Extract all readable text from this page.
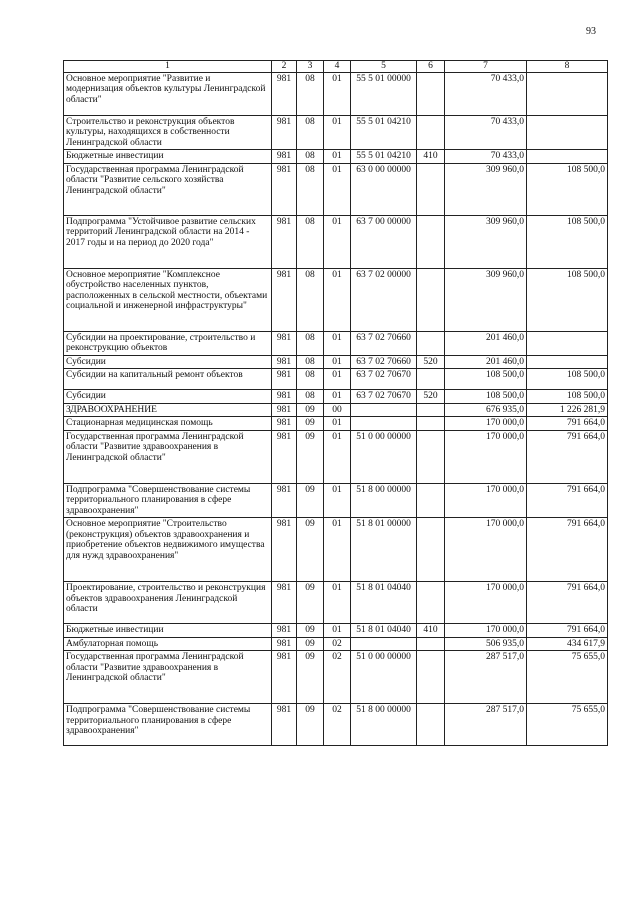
93
1	2	3	4	5	6	7	8
Основное мероприятие "Развитие и модернизация объектов культуры Ленинградской области"	981	08	01	55 5 01 00000		70 433,0	
Строительство и реконструкция объектов культуры, находящихся в собственности Ленинградской области	981	08	01	55 5 01 04210		70 433,0	
Бюджетные инвестиции	981	08	01	55 5 01 04210	410	70 433,0	
Государственная программа Ленинградской области "Развитие сельского хозяйства Ленинградской области"	981	08	01	63 0 00 00000		309 960,0	108 500,0
Подпрограмма "Устойчивое развитие сельских территорий Ленинградской области на 2014 - 2017 годы и на период до 2020 года"	981	08	01	63 7 00 00000		309 960,0	108 500,0
Основное мероприятие "Комплексное обустройство населенных пунктов, расположенных в сельской местности, объектами социальной и инженерной инфраструктуры"	981	08	01	63 7 02 00000		309 960,0	108 500,0
Субсидии на проектирование, строительство и реконструкцию объектов	981	08	01	63 7 02 70660		201 460,0	
Субсидии	981	08	01	63 7 02 70660	520	201 460,0	
Субсидии на капитальный ремонт объектов	981	08	01	63 7 02 70670		108 500,0	108 500,0
Субсидии	981	08	01	63 7 02 70670	520	108 500,0	108 500,0
ЗДРАВООХРАНЕНИЕ	981	09	00			676 935,0	1 226 281,9
Стационарная медицинская помощь	981	09	01			170 000,0	791 664,0
Государственная программа Ленинградской области "Развитие здравоохранения в Ленинградской области"	981	09	01	51 0 00 00000		170 000,0	791 664,0
Подпрограмма "Совершенствование системы территориального планирования в сфере здравоохранения"	981	09	01	51 8 00 00000		170 000,0	791 664,0
Основное мероприятие "Строительство (реконструкция) объектов здравоохранения и приобретение объектов недвижимого имущества для нужд здравоохранения"	981	09	01	51 8 01 00000		170 000,0	791 664,0
Проектирование, строительство и реконструкция объектов здравоохранения Ленинградской области	981	09	01	51 8 01 04040		170 000,0	791 664,0
Бюджетные инвестиции	981	09	01	51 8 01 04040	410	170 000,0	791 664,0
Амбулаторная помощь	981	09	02			506 935,0	434 617,9
Государственная программа Ленинградской области "Развитие здравоохранения в Ленинградской области"	981	09	02	51 0 00 00000		287 517,0	75 655,0
Подпрограмма "Совершенствование системы территориального планирования в сфере здравоохранения"	981	09	02	51 8 00 00000		287 517,0	75 655,0
